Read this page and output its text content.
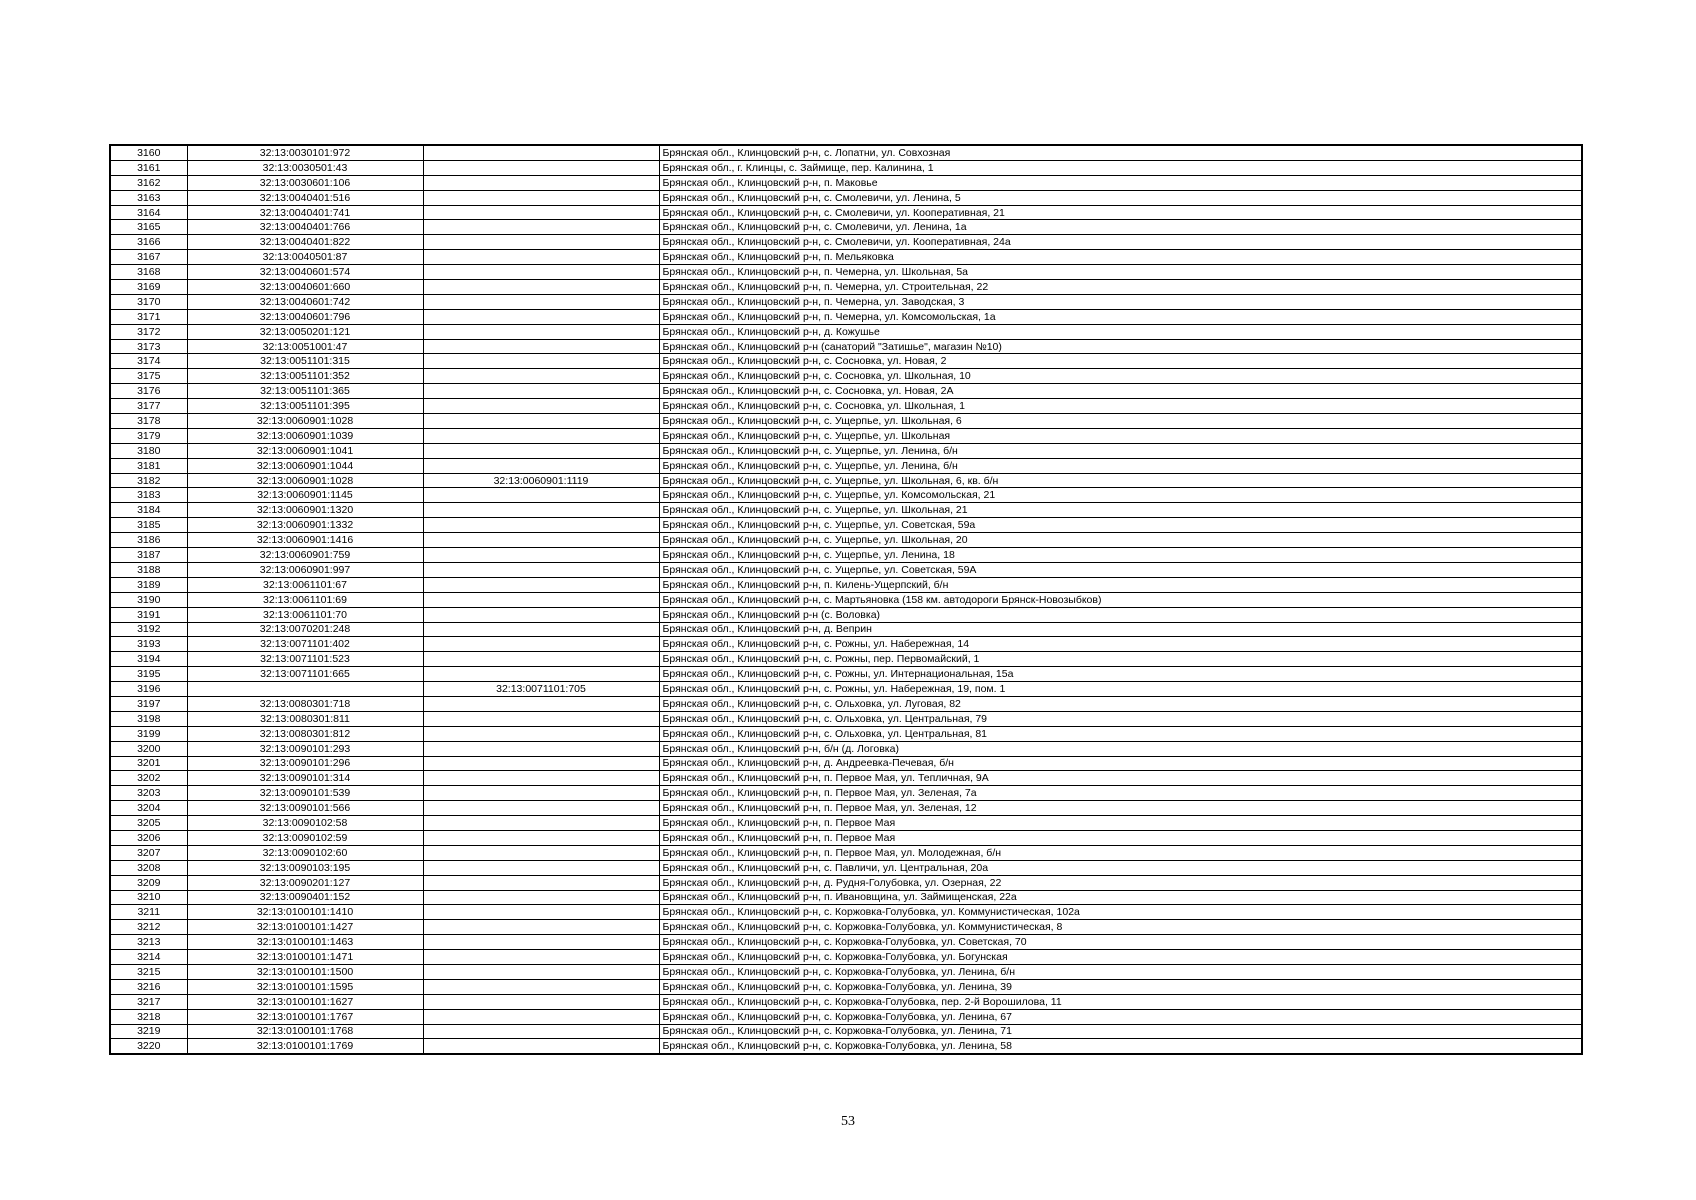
3160	32:13:0030101:972		Брянская обл., Клинцовский р-н, с. Лопатни, ул. Совхозная
3161	32:13:0030501:43		Брянская обл., г. Клинцы, с. Займище, пер. Калинина, 1
3162	32:13:0030601:106		Брянская обл., Клинцовский р-н, п. Маковье
3163	32:13:0040401:516		Брянская обл., Клинцовский р-н, с. Смолевичи, ул. Ленина, 5
3164	32:13:0040401:741		Брянская обл., Клинцовский р-н, с. Смолевичи, ул. Кооперативная, 21
3165	32:13:0040401:766		Брянская обл., Клинцовский р-н, с. Смолевичи, ул. Ленина, 1а
3166	32:13:0040401:822		Брянская обл., Клинцовский р-н, с. Смолевичи, ул. Кооперативная, 24а
3167	32:13:0040501:87		Брянская обл., Клинцовский р-н, п. Мельяковка
3168	32:13:0040601:574		Брянская обл., Клинцовский р-н, п. Чемерна, ул. Школьная, 5а
3169	32:13:0040601:660		Брянская обл., Клинцовский р-н, п. Чемерна, ул. Строительная, 22
3170	32:13:0040601:742		Брянская обл., Клинцовский р-н, п. Чемерна, ул. Заводская, 3
3171	32:13:0040601:796		Брянская обл., Клинцовский р-н, п. Чемерна, ул. Комсомольская, 1а
3172	32:13:0050201:121		Брянская обл., Клинцовский р-н, д. Кожушье
3173	32:13:0051001:47		Брянская обл., Клинцовский р-н (санаторий "Затишье", магазин №10)
3174	32:13:0051101:315		Брянская обл., Клинцовский р-н, с. Сосновка, ул. Новая, 2
3175	32:13:0051101:352		Брянская обл., Клинцовский р-н, с. Сосновка, ул. Школьная, 10
3176	32:13:0051101:365		Брянская обл., Клинцовский р-н, с. Сосновка, ул. Новая, 2А
3177	32:13:0051101:395		Брянская обл., Клинцовский р-н, с. Сосновка, ул. Школьная, 1
3178	32:13:0060901:1028		Брянская обл., Клинцовский р-н, с. Ущерпье, ул. Школьная, 6
3179	32:13:0060901:1039		Брянская обл., Клинцовский р-н, с. Ущерпье, ул. Школьная
3180	32:13:0060901:1041		Брянская обл., Клинцовский р-н, с. Ущерпье, ул. Ленина, б/н
3181	32:13:0060901:1044		Брянская обл., Клинцовский р-н, с. Ущерпье, ул. Ленина, б/н
3182	32:13:0060901:1028	32:13:0060901:1119	Брянская обл., Клинцовский р-н, с. Ущерпье, ул. Школьная, 6, кв. б/н
3183	32:13:0060901:1145		Брянская обл., Клинцовский р-н, с. Ущерпье, ул. Комсомольская, 21
3184	32:13:0060901:1320		Брянская обл., Клинцовский р-н, с. Ущерпье, ул. Школьная, 21
3185	32:13:0060901:1332		Брянская обл., Клинцовский р-н, с. Ущерпье, ул. Советская, 59а
3186	32:13:0060901:1416		Брянская обл., Клинцовский р-н, с. Ущерпье, ул. Школьная, 20
3187	32:13:0060901:759		Брянская обл., Клинцовский р-н, с. Ущерпье, ул. Ленина, 18
3188	32:13:0060901:997		Брянская обл., Клинцовский р-н, с. Ущерпье, ул. Советская, 59А
3189	32:13:0061101:67		Брянская обл., Клинцовский р-н, п. Килень-Ущерпский, б/н
3190	32:13:0061101:69		Брянская обл., Клинцовский р-н, с. Мартьяновка (158 км. автодороги Брянск-Новозыбков)
3191	32:13:0061101:70		Брянская обл., Клинцовский р-н (с. Воловка)
3192	32:13:0070201:248		Брянская обл., Клинцовский р-н, д. Веприн
3193	32:13:0071101:402		Брянская обл., Клинцовский р-н, с. Рожны, ул. Набережная, 14
3194	32:13:0071101:523		Брянская обл., Клинцовский р-н, с. Рожны, пер. Первомайский, 1
3195	32:13:0071101:665		Брянская обл., Клинцовский р-н, с. Рожны, ул. Интернациональная, 15а
3196		32:13:0071101:705	Брянская обл., Клинцовский р-н, с. Рожны, ул. Набережная, 19, пом. 1
3197	32:13:0080301:718		Брянская обл., Клинцовский р-н, с. Ольховка, ул. Луговая, 82
3198	32:13:0080301:811		Брянская обл., Клинцовский р-н, с. Ольховка, ул. Центральная, 79
3199	32:13:0080301:812		Брянская обл., Клинцовский р-н, с. Ольховка, ул. Центральная, 81
3200	32:13:0090101:293		Брянская обл., Клинцовский р-н, б/н (д. Логовка)
3201	32:13:0090101:296		Брянская обл., Клинцовский р-н, д. Андреевка-Печевая, б/н
3202	32:13:0090101:314		Брянская обл., Клинцовский р-н, п. Первое Мая, ул. Тепличная, 9А
3203	32:13:0090101:539		Брянская обл., Клинцовский р-н, п. Первое Мая, ул. Зеленая, 7а
3204	32:13:0090101:566		Брянская обл., Клинцовский р-н, п. Первое Мая, ул. Зеленая, 12
3205	32:13:0090102:58		Брянская обл., Клинцовский р-н, п. Первое Мая
3206	32:13:0090102:59		Брянская обл., Клинцовский р-н, п. Первое Мая
3207	32:13:0090102:60		Брянская обл., Клинцовский р-н, п. Первое Мая, ул. Молодежная, б/н
3208	32:13:0090103:195		Брянская обл., Клинцовский р-н, с. Павличи, ул. Центральная, 20а
3209	32:13:0090201:127		Брянская обл., Клинцовский р-н, д. Рудня-Голубовка, ул. Озерная, 22
3210	32:13:0090401:152		Брянская обл., Клинцовский р-н, п. Ивановщина, ул. Займищенская, 22а
3211	32:13:0100101:1410		Брянская обл., Клинцовский р-н, с. Коржовка-Голубовка, ул. Коммунистическая, 102а
3212	32:13:0100101:1427		Брянская обл., Клинцовский р-н, с. Коржовка-Голубовка, ул. Коммунистическая, 8
3213	32:13:0100101:1463		Брянская обл., Клинцовский р-н, с. Коржовка-Голубовка, ул. Советская, 70
3214	32:13:0100101:1471		Брянская обл., Клинцовский р-н, с. Коржовка-Голубовка, ул. Богунская
3215	32:13:0100101:1500		Брянская обл., Клинцовский р-н, с. Коржовка-Голубовка, ул. Ленина, б/н
3216	32:13:0100101:1595		Брянская обл., Клинцовский р-н, с. Коржовка-Голубовка, ул. Ленина, 39
3217	32:13:0100101:1627		Брянская обл., Клинцовский р-н, с. Коржовка-Голубовка, пер. 2-й Ворошилова, 11
3218	32:13:0100101:1767		Брянская обл., Клинцовский р-н, с. Коржовка-Голубовка, ул. Ленина, 67
3219	32:13:0100101:1768		Брянская обл., Клинцовский р-н, с. Коржовка-Голубовка, ул. Ленина, 71
3220	32:13:0100101:1769		Брянская обл., Клинцовский р-н, с. Коржовка-Голубовка, ул. Ленина, 58
53
